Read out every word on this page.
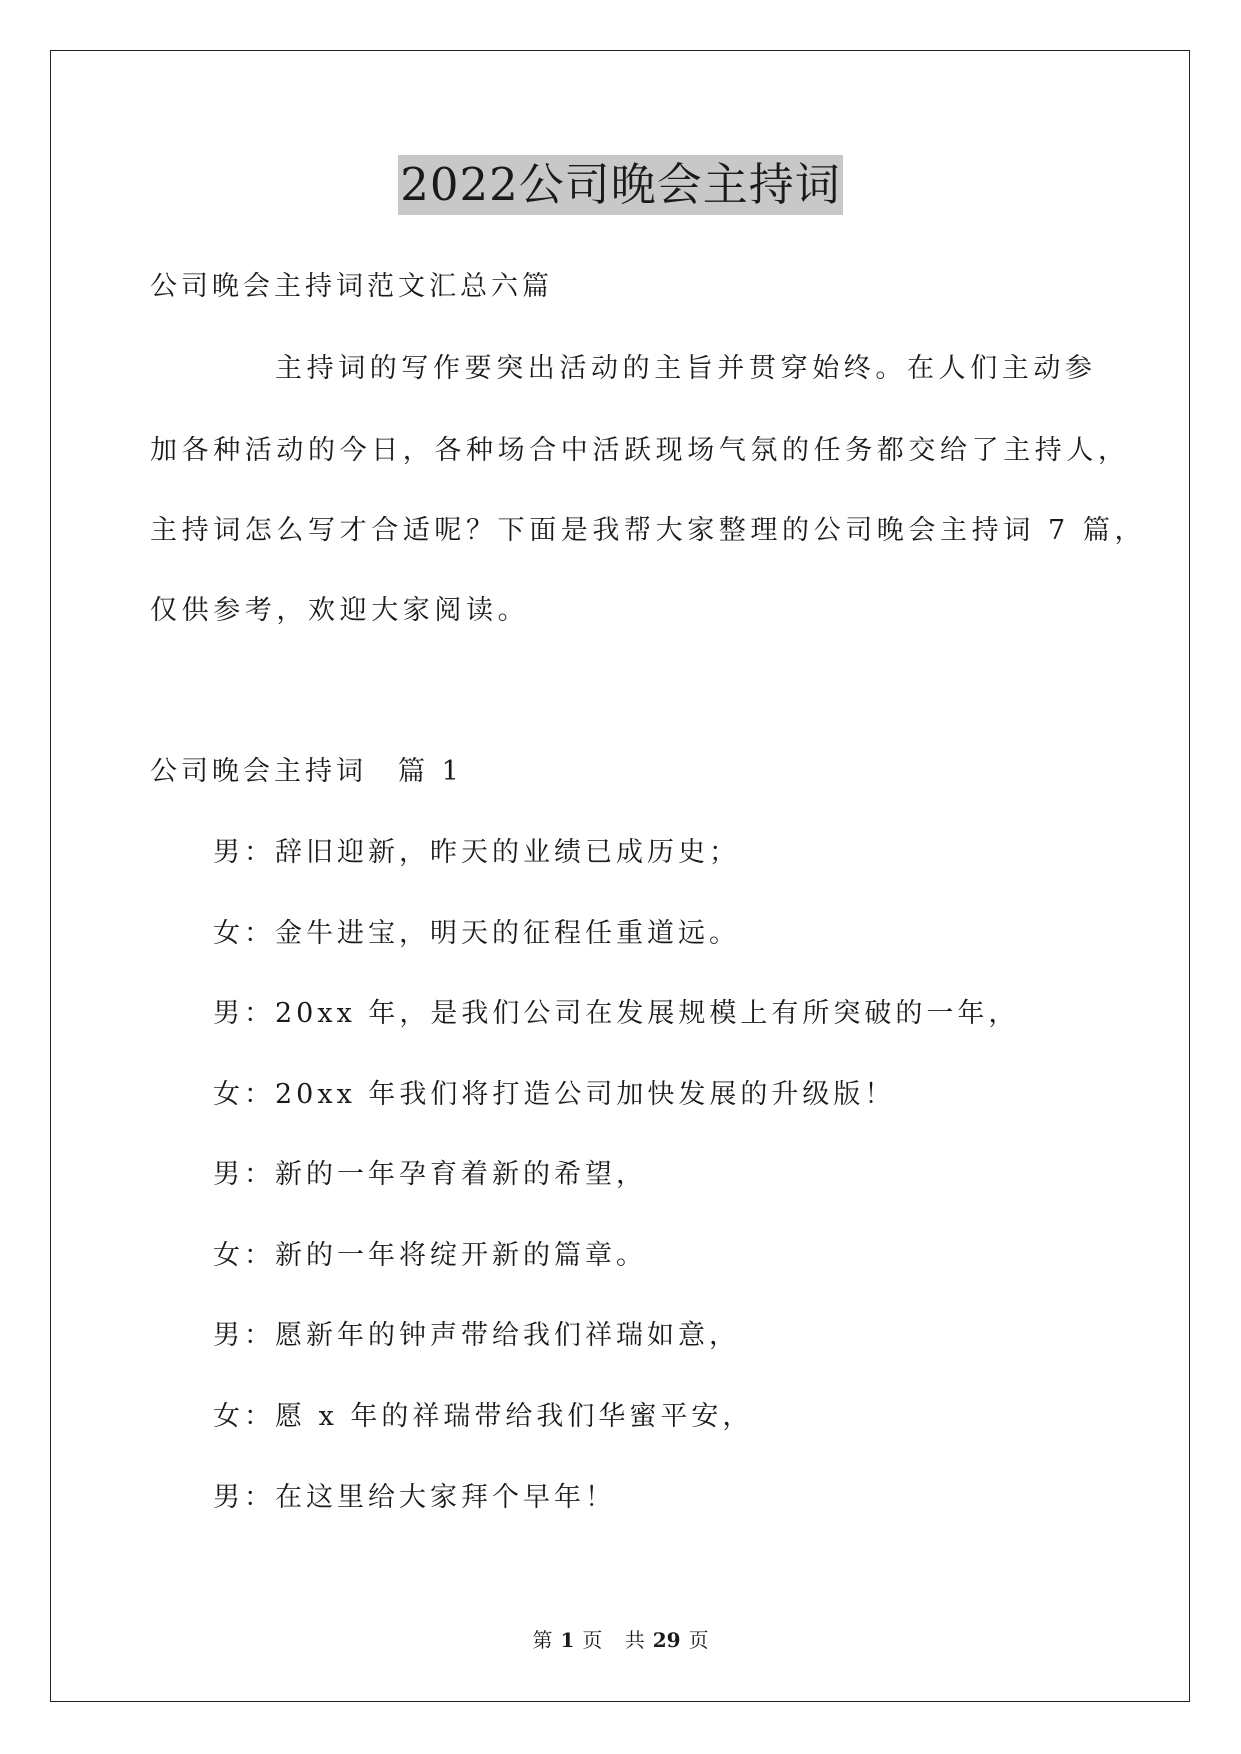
2022公司晚会主持词
公司晚会主持词范文汇总六篇
主持词的写作要突出活动的主旨并贯穿始终。在人们主动参
加各种活动的今日，各种场合中活跃现场气氛的任务都交给了主持人，
主持词怎么写才合适呢？下面是我帮大家整理的公司晚会主持词 7 篇，
仅供参考，欢迎大家阅读。
公司晚会主持词　篇 1
男：辞旧迎新，昨天的业绩已成历史；
女：金牛进宝，明天的征程任重道远。
男：20xx 年，是我们公司在发展规模上有所突破的一年，
女：20xx 年我们将打造公司加快发展的升级版！
男：新的一年孕育着新的希望，
女：新的一年将绽开新的篇章。
男：愿新年的钟声带给我们祥瑞如意，
女：愿 x 年的祥瑞带给我们华蜜平安，
男：在这里给大家拜个早年！
第 1 页 共 29 页
